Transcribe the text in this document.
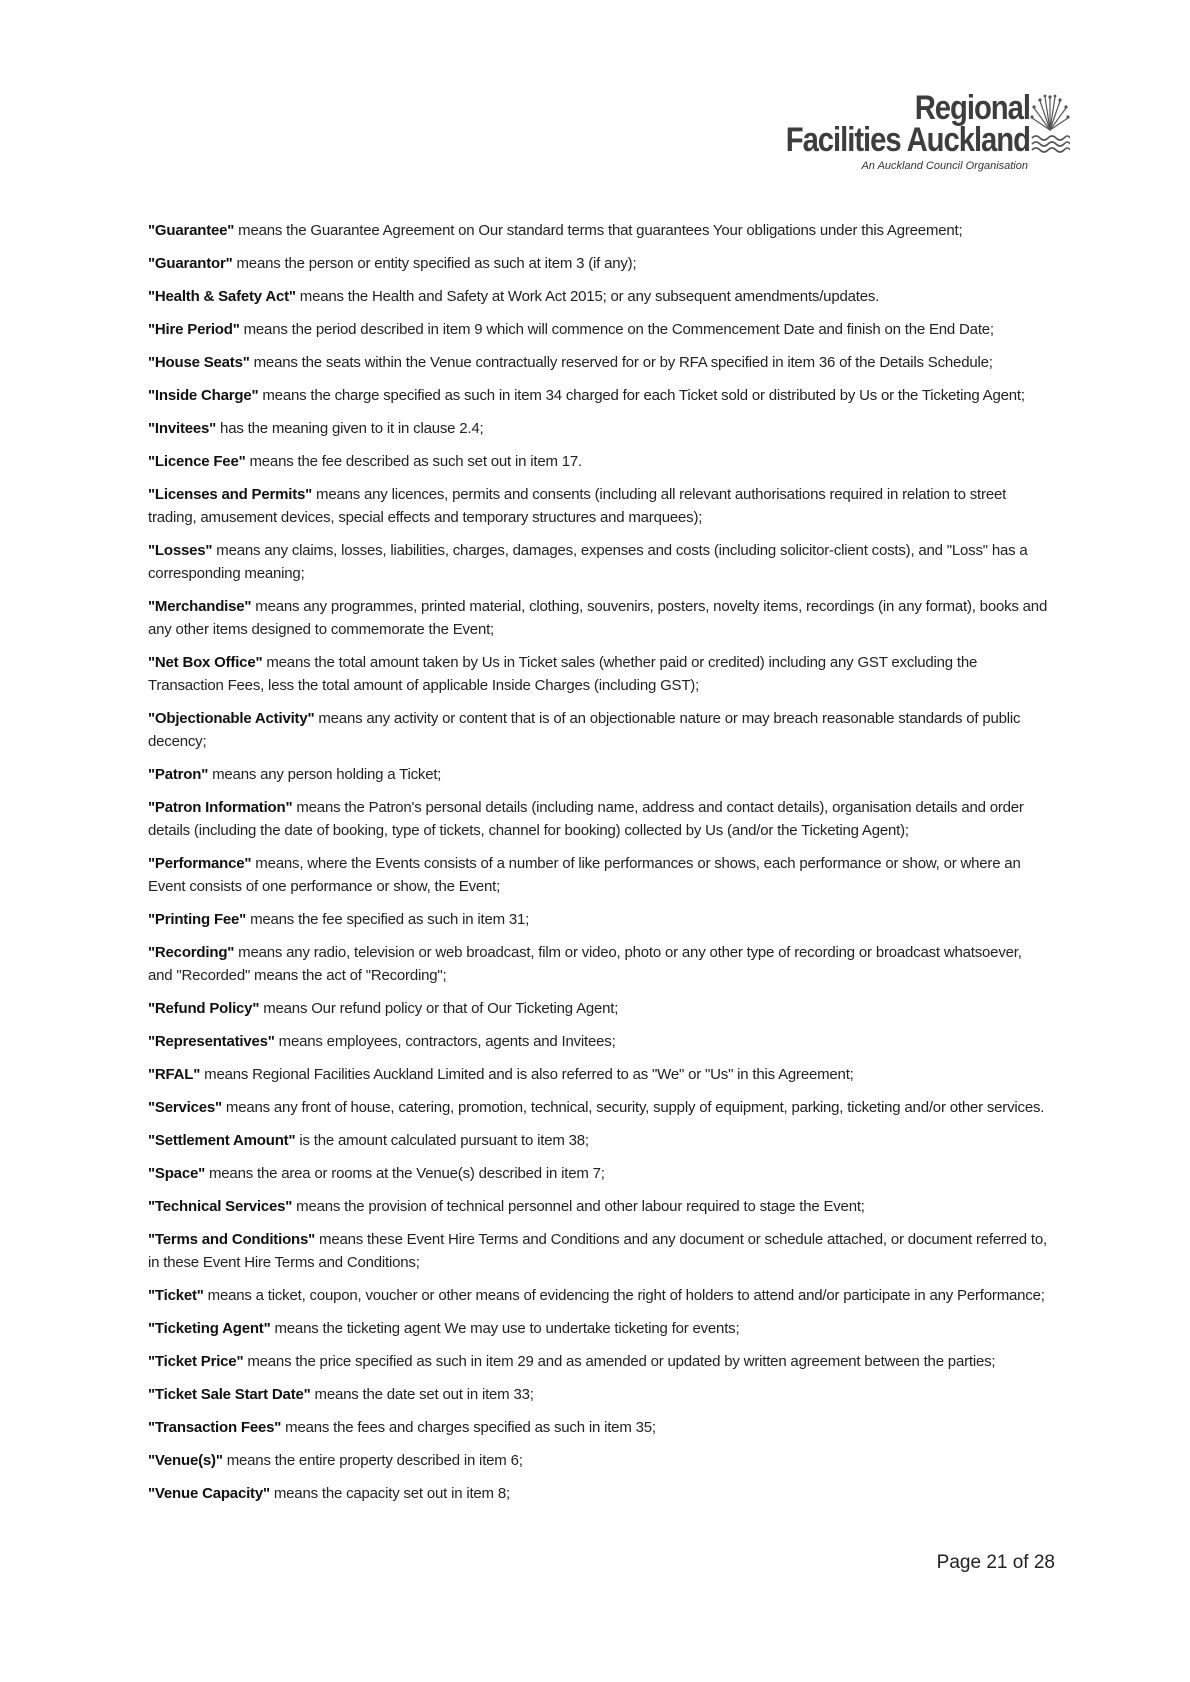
Regional
Facilities Auckland
An Auckland Council Organisation
"Guarantee" means the Guarantee Agreement on Our standard terms that guarantees Your obligations under this Agreement;
"Guarantor" means the person or entity specified as such at item 3 (if any);
"Health & Safety Act" means the Health and Safety at Work Act 2015; or any subsequent amendments/updates.
"Hire Period" means the period described in item 9 which will commence on the Commencement Date and finish on the End Date;
"House Seats" means the seats within the Venue contractually reserved for or by RFA specified in item 36 of the Details Schedule;
"Inside Charge" means the charge specified as such in item 34 charged for each Ticket sold or distributed by Us or the Ticketing Agent;
"Invitees" has the meaning given to it in clause 2.4;
"Licence Fee" means the fee described as such set out in item 17.
"Licenses and Permits" means any licences, permits and consents (including all relevant authorisations required in relation to street trading, amusement devices, special effects and temporary structures and marquees);
"Losses" means any claims, losses, liabilities, charges, damages, expenses and costs (including solicitor-client costs), and "Loss" has a corresponding meaning;
"Merchandise" means any programmes, printed material, clothing, souvenirs, posters, novelty items, recordings (in any format), books and any other items designed to commemorate the Event;
"Net Box Office" means the total amount taken by Us in Ticket sales (whether paid or credited) including any GST excluding the Transaction Fees, less the total amount of applicable Inside Charges (including GST);
"Objectionable Activity" means any activity or content that is of an objectionable nature or may breach reasonable standards of public decency;
"Patron" means any person holding a Ticket;
"Patron Information" means the Patron's personal details (including name, address and contact details), organisation details and order details (including the date of booking, type of tickets, channel for booking) collected by Us (and/or the Ticketing Agent);
"Performance" means, where the Events consists of a number of like performances or shows, each performance or show, or where an Event consists of one performance or show, the Event;
"Printing Fee" means the fee specified as such in item 31;
"Recording" means any radio, television or web broadcast, film or video, photo or any other type of recording or broadcast whatsoever, and "Recorded" means the act of "Recording";
"Refund Policy" means Our refund policy or that of Our Ticketing Agent;
"Representatives" means employees, contractors, agents and Invitees;
"RFAL" means Regional Facilities Auckland Limited and is also referred to as "We" or "Us" in this Agreement;
"Services" means any front of house, catering, promotion, technical, security, supply of equipment, parking, ticketing and/or other services.
"Settlement Amount" is the amount calculated pursuant to item 38;
"Space" means the area or rooms at the Venue(s) described in item 7;
"Technical Services" means the provision of technical personnel and other labour required to stage the Event;
"Terms and Conditions" means these Event Hire Terms and Conditions and any document or schedule attached, or document referred to, in these Event Hire Terms and Conditions;
"Ticket" means a ticket, coupon, voucher or other means of evidencing the right of holders to attend and/or participate in any Performance;
"Ticketing Agent" means the ticketing agent We may use to undertake ticketing for events;
"Ticket Price" means the price specified as such in item 29 and as amended or updated by written agreement between the parties;
"Ticket Sale Start Date" means the date set out in item 33;
"Transaction Fees" means the fees and charges specified as such in item 35;
"Venue(s)" means the entire property described in item 6;
"Venue Capacity" means the capacity set out in item 8;
Page 21 of 28
